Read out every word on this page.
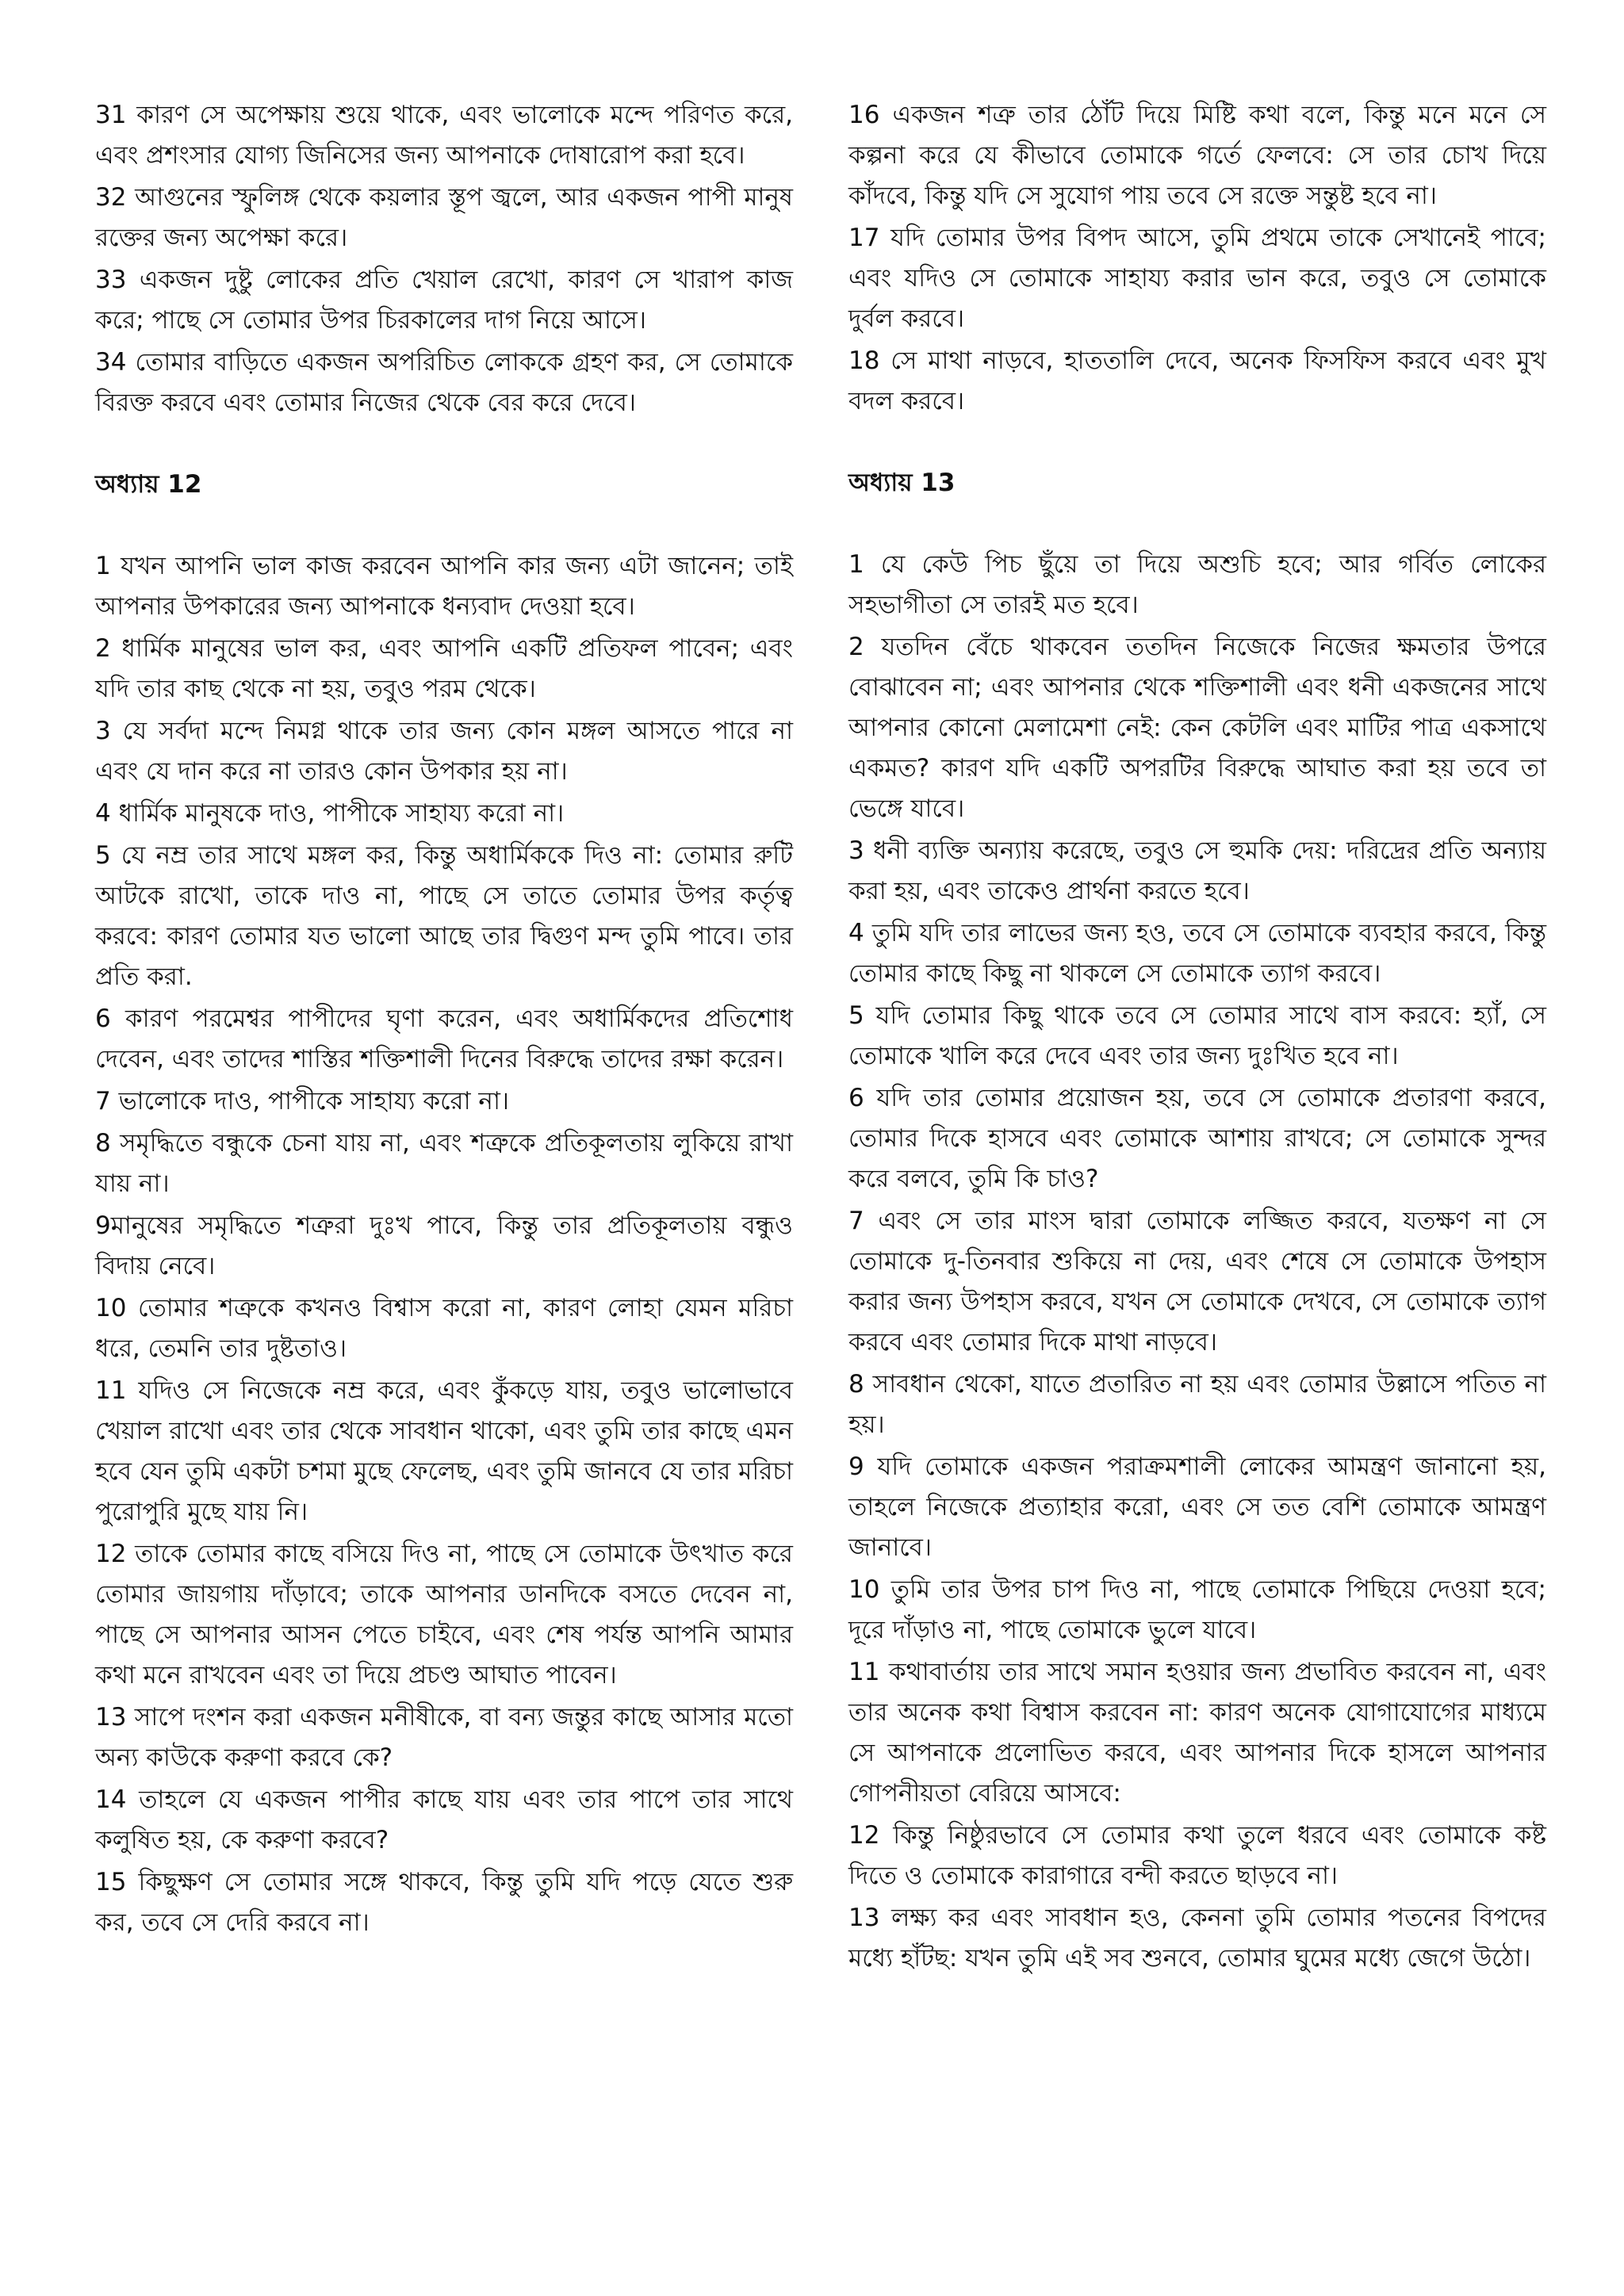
31 কারণ সে অপেক্ষায় শুয়ে থাকে, এবং ভালোকে মন্দে পরিণত করে, এবং প্রশংসার যোগ্য জিনিসের জন্য আপনাকে দোষারোপ করা হবে।

32 আগুনের স্ফুলিঙ্গ থেকে কয়লার স্তূপ জ্বলে, আর একজন পাপী মানুষ রক্তের জন্য অপেক্ষা করে।

33 একজন দুষ্টু লোকের প্রতি খেয়াল রেখো, কারণ সে খারাপ কাজ করে; পাছে সে তোমার উপর চিরকালের দাগ নিয়ে আসে।

34 তোমার বাড়িতে একজন অপরিচিত লোককে গ্রহণ কর, সে তোমাকে বিরক্ত করবে এবং তোমার নিজের থেকে বের করে দেবে।

অধ্যায় 12

1 যখন আপনি ভাল কাজ করবেন আপনি কার জন্য এটা জানেন; তাই আপনার উপকারের জন্য আপনাকে ধন্যবাদ দেওয়া হবে।

2 ধার্মিক মানুষের ভাল কর, এবং আপনি একটি প্রতিফল পাবেন; এবং যদি তার কাছ থেকে না হয়, তবুও পরম থেকে।

3 যে সর্বদা মন্দে নিমগ্ন থাকে তার জন্য কোন মঙ্গল আসতে পারে না এবং যে দান করে না তারও কোন উপকার হয় না।

4 ধার্মিক মানুষকে দাও, পাপীকে সাহায্য করো না।

5 যে নম্র তার সাথে মঙ্গল কর, কিন্তু অধার্মিককে দিও না: তোমার রুটি আটকে রাখো, তাকে দাও না, পাছে সে তাতে তোমার উপর কর্তৃত্ব করবে: কারণ তোমার যত ভালো আছে তার দ্বিগুণ মন্দ তুমি পাবে। তার প্রতি করা.

6 কারণ পরমেশ্বর পাপীদের ঘৃণা করেন, এবং অধার্মিকদের প্রতিশোধ দেবেন, এবং তাদের শাস্তির শক্তিশালী দিনের বিরুদ্ধে তাদের রক্ষা করেন।

7 ভালোকে দাও, পাপীকে সাহায্য করো না।

8 সমৃদ্ধিতে বন্ধুকে চেনা যায় না, এবং শত্রুকে প্রতিকূলতায় লুকিয়ে রাখা যায় না।

9মানুষের সমৃদ্ধিতে শত্রুরা দুঃখ পাবে, কিন্তু তার প্রতিকূলতায় বন্ধুও বিদায় নেবে।

10 তোমার শত্রুকে কখনও বিশ্বাস করো না, কারণ লোহা যেমন মরিচা ধরে, তেমনি তার দুষ্টতাও।

11 যদিও সে নিজেকে নম্র করে, এবং কুঁকড়ে যায়, তবুও ভালোভাবে খেয়াল রাখো এবং তার থেকে সাবধান থাকো, এবং তুমি তার কাছে এমন হবে যেন তুমি একটা চশমা মুছে ফেলেছ, এবং তুমি জানবে যে তার মরিচা পুরোপুরি মুছে যায় নি।

12 তাকে তোমার কাছে বসিয়ে দিও না, পাছে সে তোমাকে উৎখাত করে তোমার জায়গায় দাঁড়াবে; তাকে আপনার ডানদিকে বসতে দেবেন না, পাছে সে আপনার আসন পেতে চাইবে, এবং শেষ পর্যন্ত আপনি আমার কথা মনে রাখবেন এবং তা দিয়ে প্রচণ্ড আঘাত পাবেন।

13 সাপে দংশন করা একজন মনীষীকে, বা বন্য জন্তুর কাছে আসার মতো অন্য কাউকে করুণা করবে কে?

14 তাহলে যে একজন পাপীর কাছে যায় এবং তার পাপে তার সাথে কলুষিত হয়, কে করুণা করবে?

15 কিছুক্ষণ সে তোমার সঙ্গে থাকবে, কিন্তু তুমি যদি পড়ে যেতে শুরু কর, তবে সে দেরি করবে না।

16 একজন শত্রু তার ঠোঁট দিয়ে মিষ্টি কথা বলে, কিন্তু মনে মনে সে কল্পনা করে যে কীভাবে তোমাকে গর্তে ফেলবে: সে তার চোখ দিয়ে কাঁদবে, কিন্তু যদি সে সুযোগ পায় তবে সে রক্তে সন্তুষ্ট হবে না।

17 যদি তোমার উপর বিপদ আসে, তুমি প্রথমে তাকে সেখানেই পাবে; এবং যদিও সে তোমাকে সাহায্য করার ভান করে, তবুও সে তোমাকে দুর্বল করবে।

18 সে মাথা নাড়বে, হাততালি দেবে, অনেক ফিসফিস করবে এবং মুখ বদল করবে।

অধ্যায় 13

1 যে কেউ পিচ ছুঁয়ে তা দিয়ে অশুচি হবে; আর গর্বিত লোকের সহভাগীতা সে তারই মত হবে।

2 যতদিন বেঁচে থাকবেন ততদিন নিজেকে নিজের ক্ষমতার উপরে বোঝাবেন না; এবং আপনার থেকে শক্তিশালী এবং ধনী একজনের সাথে আপনার কোনো মেলামেশা নেই: কেন কেটলি এবং মাটির পাত্র একসাথে একমত? কারণ যদি একটি অপরটির বিরুদ্ধে আঘাত করা হয় তবে তা ভেঙ্গে যাবে।

3 ধনী ব্যক্তি অন্যায় করেছে, তবুও সে হুমকি দেয়: দরিদ্রের প্রতি অন্যায় করা হয়, এবং তাকেও প্রার্থনা করতে হবে।

4 তুমি যদি তার লাভের জন্য হও, তবে সে তোমাকে ব্যবহার করবে, কিন্তু তোমার কাছে কিছু না থাকলে সে তোমাকে ত্যাগ করবে।

5 যদি তোমার কিছু থাকে তবে সে তোমার সাথে বাস করবে: হ্যাঁ, সে তোমাকে খালি করে দেবে এবং তার জন্য দুঃখিত হবে না।

6 যদি তার তোমার প্রয়োজন হয়, তবে সে তোমাকে প্রতারণা করবে, তোমার দিকে হাসবে এবং তোমাকে আশায় রাখবে; সে তোমাকে সুন্দর করে বলবে, তুমি কি চাও?

7 এবং সে তার মাংস দ্বারা তোমাকে লজ্জিত করবে, যতক্ষণ না সে তোমাকে দু-তিনবার শুকিয়ে না দেয়, এবং শেষে সে তোমাকে উপহাস করার জন্য উপহাস করবে, যখন সে তোমাকে দেখবে, সে তোমাকে ত্যাগ করবে এবং তোমার দিকে মাথা নাড়বে।

8 সাবধান থেকো, যাতে প্রতারিত না হয় এবং তোমার উল্লাসে পতিত না হয়।

9 যদি তোমাকে একজন পরাক্রমশালী লোকের আমন্ত্রণ জানানো হয়, তাহলে নিজেকে প্রত্যাহার করো, এবং সে তত বেশি তোমাকে আমন্ত্রণ জানাবে।

10 তুমি তার উপর চাপ দিও না, পাছে তোমাকে পিছিয়ে দেওয়া হবে; দূরে দাঁড়াও না, পাছে তোমাকে ভুলে যাবে।

11 কথাবার্তায় তার সাথে সমান হওয়ার জন্য প্রভাবিত করবেন না, এবং তার অনেক কথা বিশ্বাস করবেন না: কারণ অনেক যোগাযোগের মাধ্যমে সে আপনাকে প্রলোভিত করবে, এবং আপনার দিকে হাসলে আপনার গোপনীয়তা বেরিয়ে আসবে:

12 কিন্তু নিষ্ঠুরভাবে সে তোমার কথা তুলে ধরবে এবং তোমাকে কষ্ট দিতে ও তোমাকে কারাগারে বন্দী করতে ছাড়বে না।

13 লক্ষ্য কর এবং সাবধান হও, কেননা তুমি তোমার পতনের বিপদের মধ্যে হাঁটছ: যখন তুমি এই সব শুনবে, তোমার ঘুমের মধ্যে জেগে উঠো।
